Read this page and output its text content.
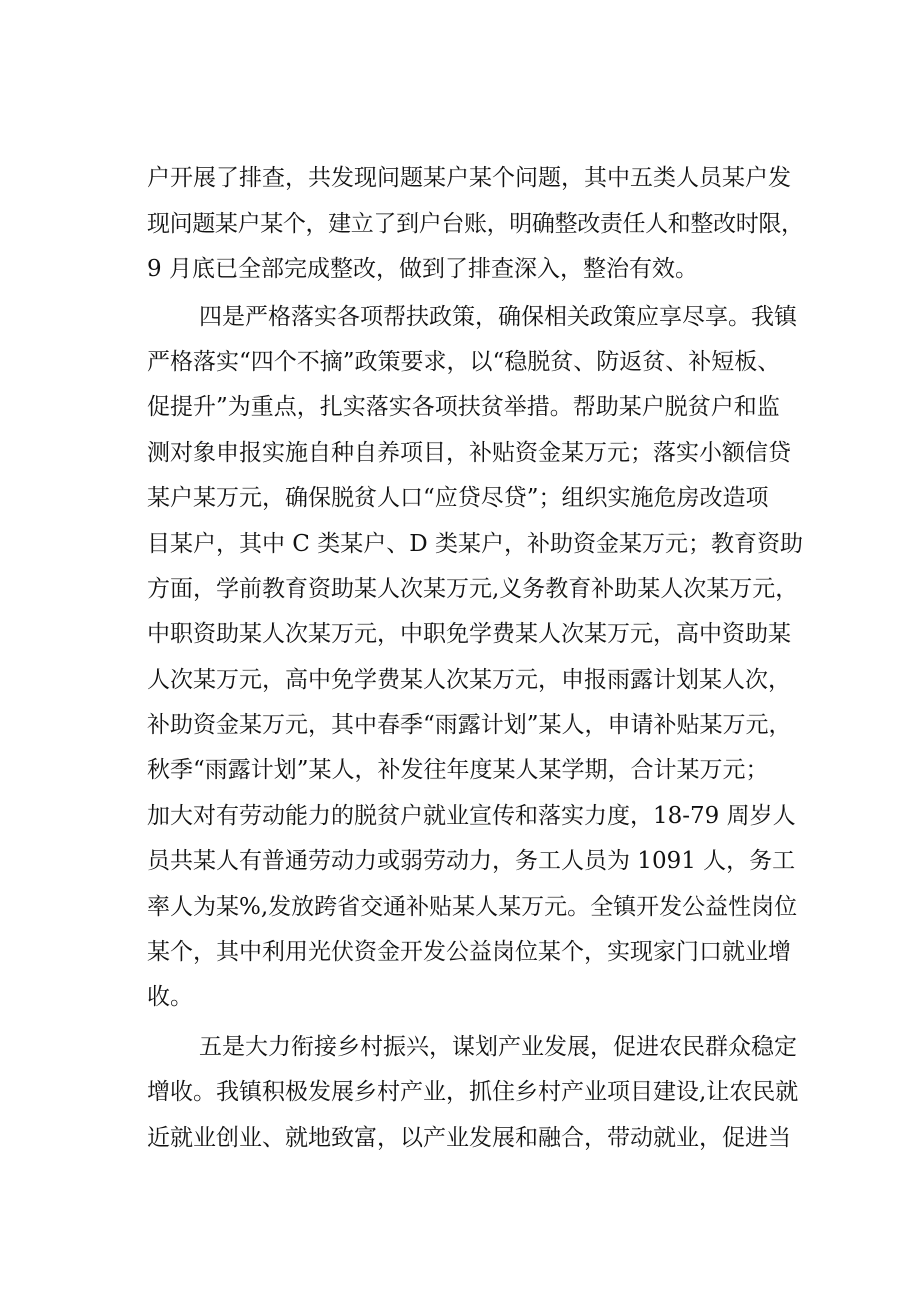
户开展了排查，共发现问题某户某个问题，其中五类人员某户发
现问题某户某个，建立了到户台账，明确整改责任人和整改时限，
9 月底已全部完成整改，做到了排查深入，整治有效。
四是严格落实各项帮扶政策，确保相关政策应享尽享。我镇
严格落实“四个不摘”政策要求，以“稳脱贫、防返贫、补短板、
促提升”为重点，扎实落实各项扶贫举措。帮助某户脱贫户和监
测对象申报实施自种自养项目，补贴资金某万元；落实小额信贷
某户某万元，确保脱贫人口“应贷尽贷”；组织实施危房改造项
目某户，其中 C 类某户、D 类某户，补助资金某万元；教育资助
方面，学前教育资助某人次某万元,义务教育补助某人次某万元，
中职资助某人次某万元，中职免学费某人次某万元，高中资助某
人次某万元，高中免学费某人次某万元，申报雨露计划某人次，
补助资金某万元，其中春季“雨露计划”某人，申请补贴某万元，
秋季“雨露计划”某人，补发往年度某人某学期，合计某万元；
加大对有劳动能力的脱贫户就业宣传和落实力度，18-79 周岁人
员共某人有普通劳动力或弱劳动力，务工人员为 1091 人，务工
率人为某%,发放跨省交通补贴某人某万元。全镇开发公益性岗位
某个，其中利用光伏资金开发公益岗位某个，实现家门口就业增
收。
五是大力衔接乡村振兴，谋划产业发展，促进农民群众稳定
增收。我镇积极发展乡村产业，抓住乡村产业项目建设,让农民就
近就业创业、就地致富，以产业发展和融合，带动就业，促进当
